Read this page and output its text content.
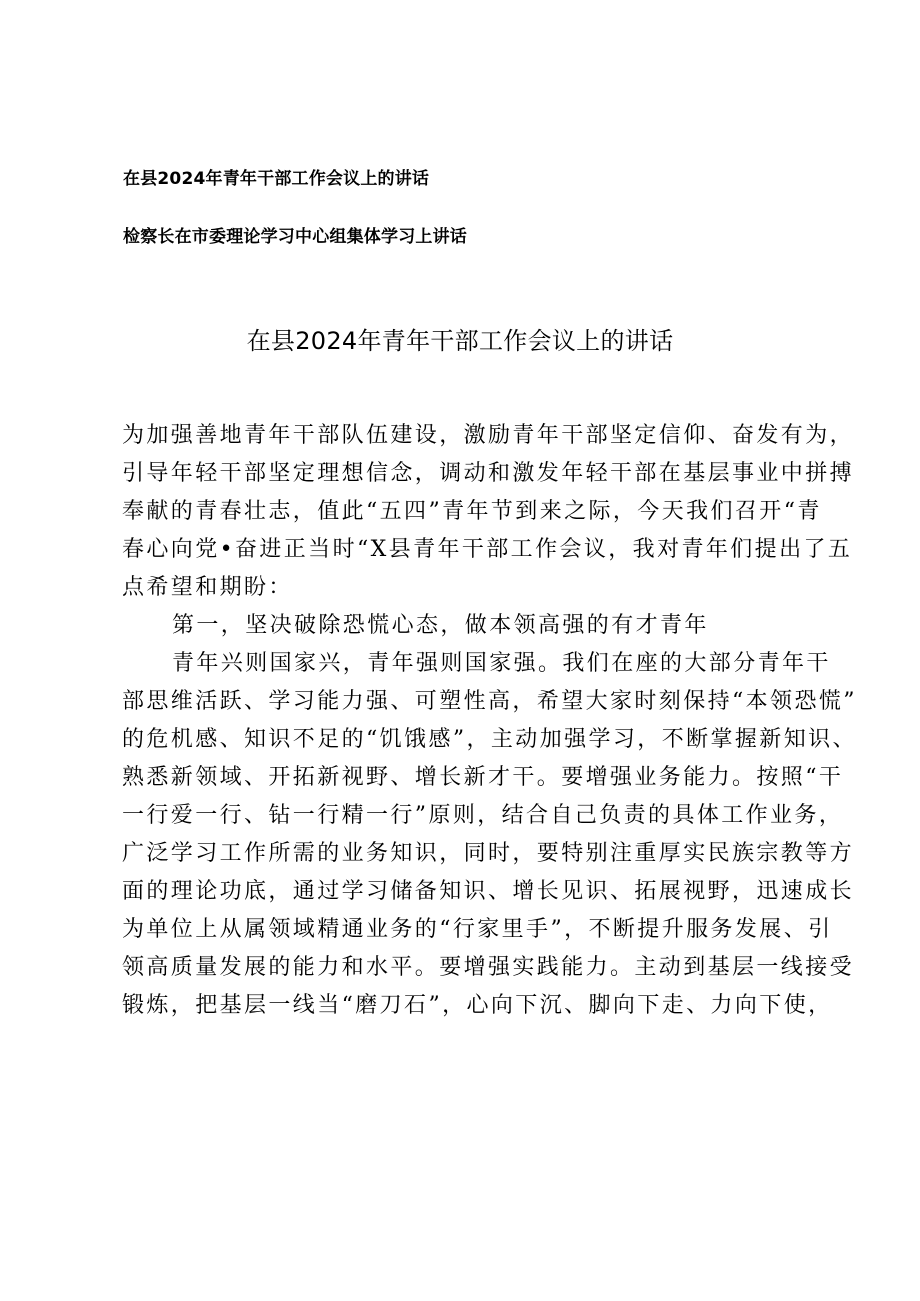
在县2024年青年干部工作会议上的讲话
检察长在市委理论学习中心组集体学习上讲话
在县2024年青年干部工作会议上的讲话
为加强善地青年干部队伍建设，激励青年干部坚定信仰、奋发有为，
引导年轻干部坚定理想信念，调动和激发年轻干部在基层事业中拼搏
奉献的青春壮志，值此“五四”青年节到来之际，今天我们召开“青
春心向党•奋进正当时“X县青年干部工作会议，我对青年们提出了五
点希望和期盼：
第一，坚决破除恐慌心态，做本领高强的有才青年
青年兴则国家兴，青年强则国家强。我们在座的大部分青年干
部思维活跃、学习能力强、可塑性高，希望大家时刻保持“本领恐慌”
的危机感、知识不足的“饥饿感”，主动加强学习，不断掌握新知识、
熟悉新领域、开拓新视野、增长新才干。要增强业务能力。按照“干
一行爱一行、钻一行精一行”原则，结合自己负责的具体工作业务，
广泛学习工作所需的业务知识，同时，要特别注重厚实民族宗教等方
面的理论功底，通过学习储备知识、增长见识、拓展视野，迅速成长
为单位上从属领域精通业务的“行家里手”，不断提升服务发展、引
领高质量发展的能力和水平。要增强实践能力。主动到基层一线接受
锻炼，把基层一线当“磨刀石”，心向下沉、脚向下走、力向下使，
